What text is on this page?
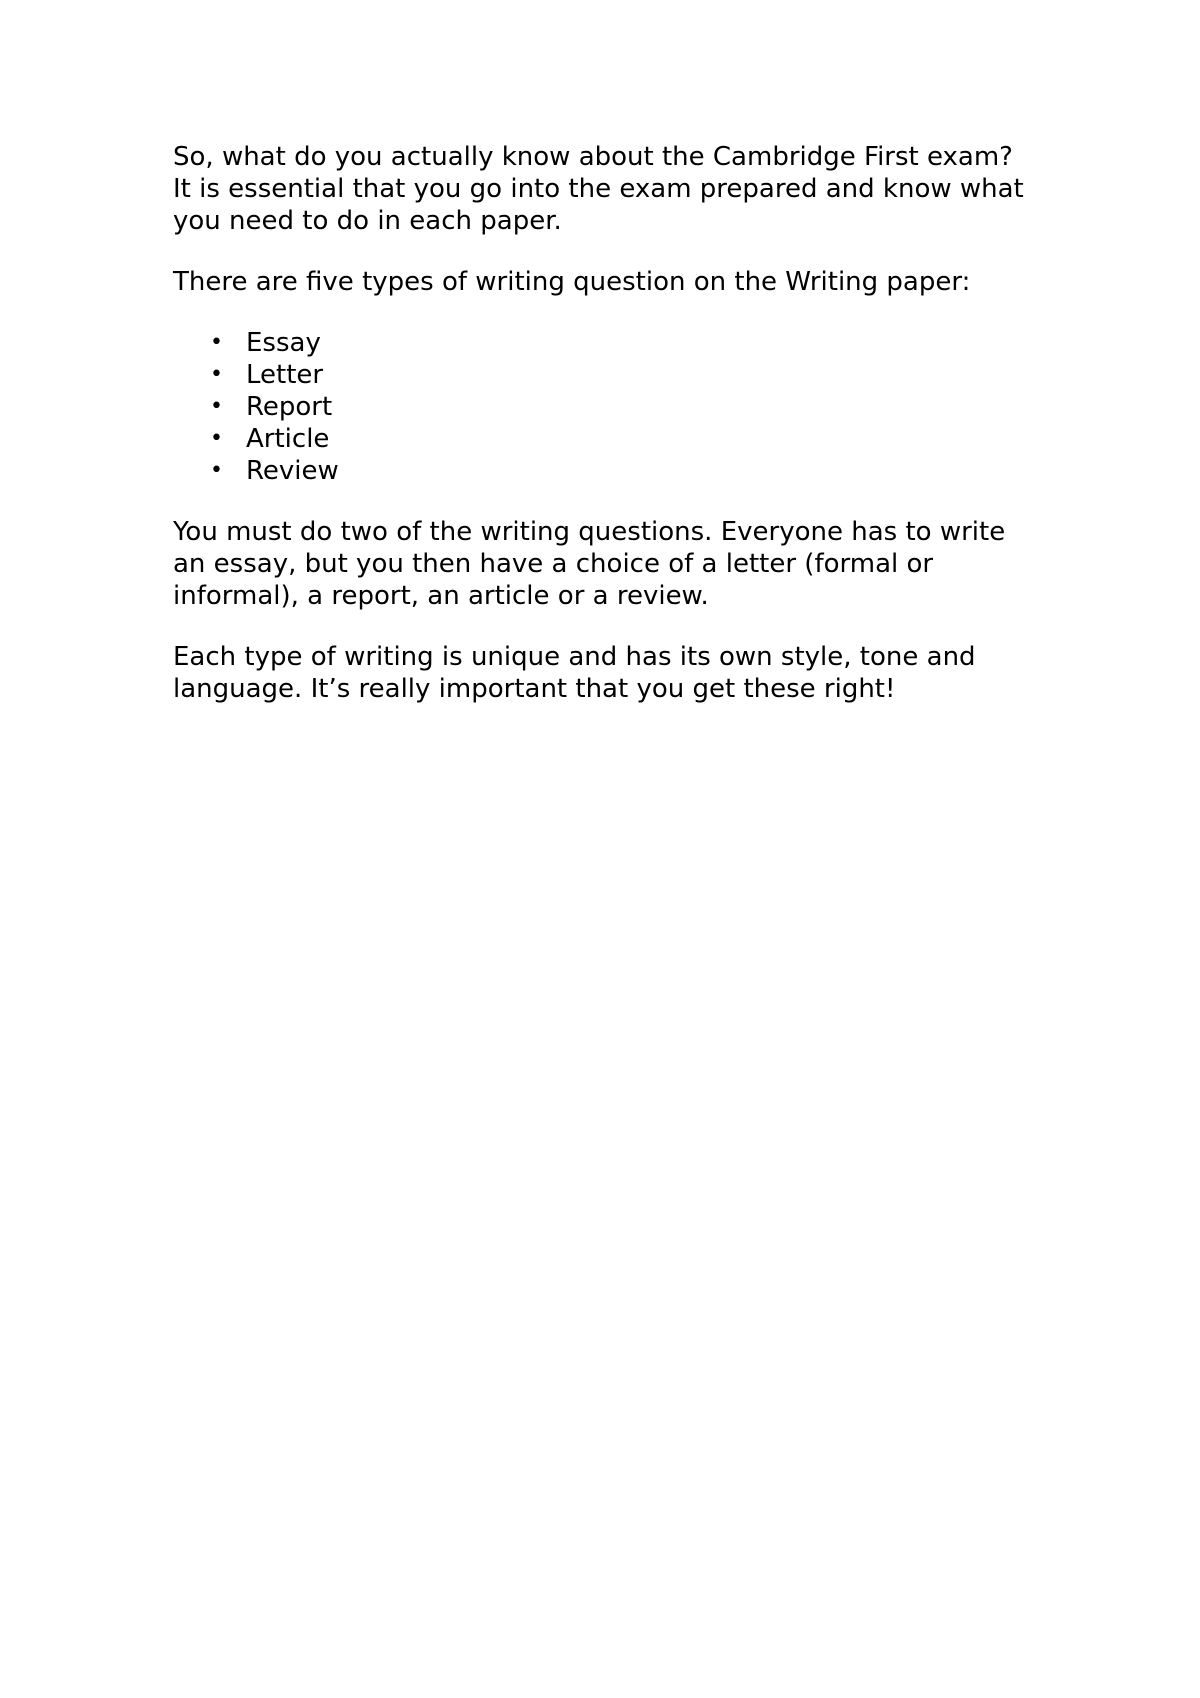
So, what do you actually know about the Cambridge First exam? It is essential that you go into the exam prepared and know what you need to do in each paper.

There are five types of writing question on the Writing paper:

• Essay
• Letter
• Report
• Article
• Review

You must do two of the writing questions. Everyone has to write an essay, but you then have a choice of a letter (formal or informal), a report, an article or a review.

Each type of writing is unique and has its own style, tone and language. It’s really important that you get these right!
